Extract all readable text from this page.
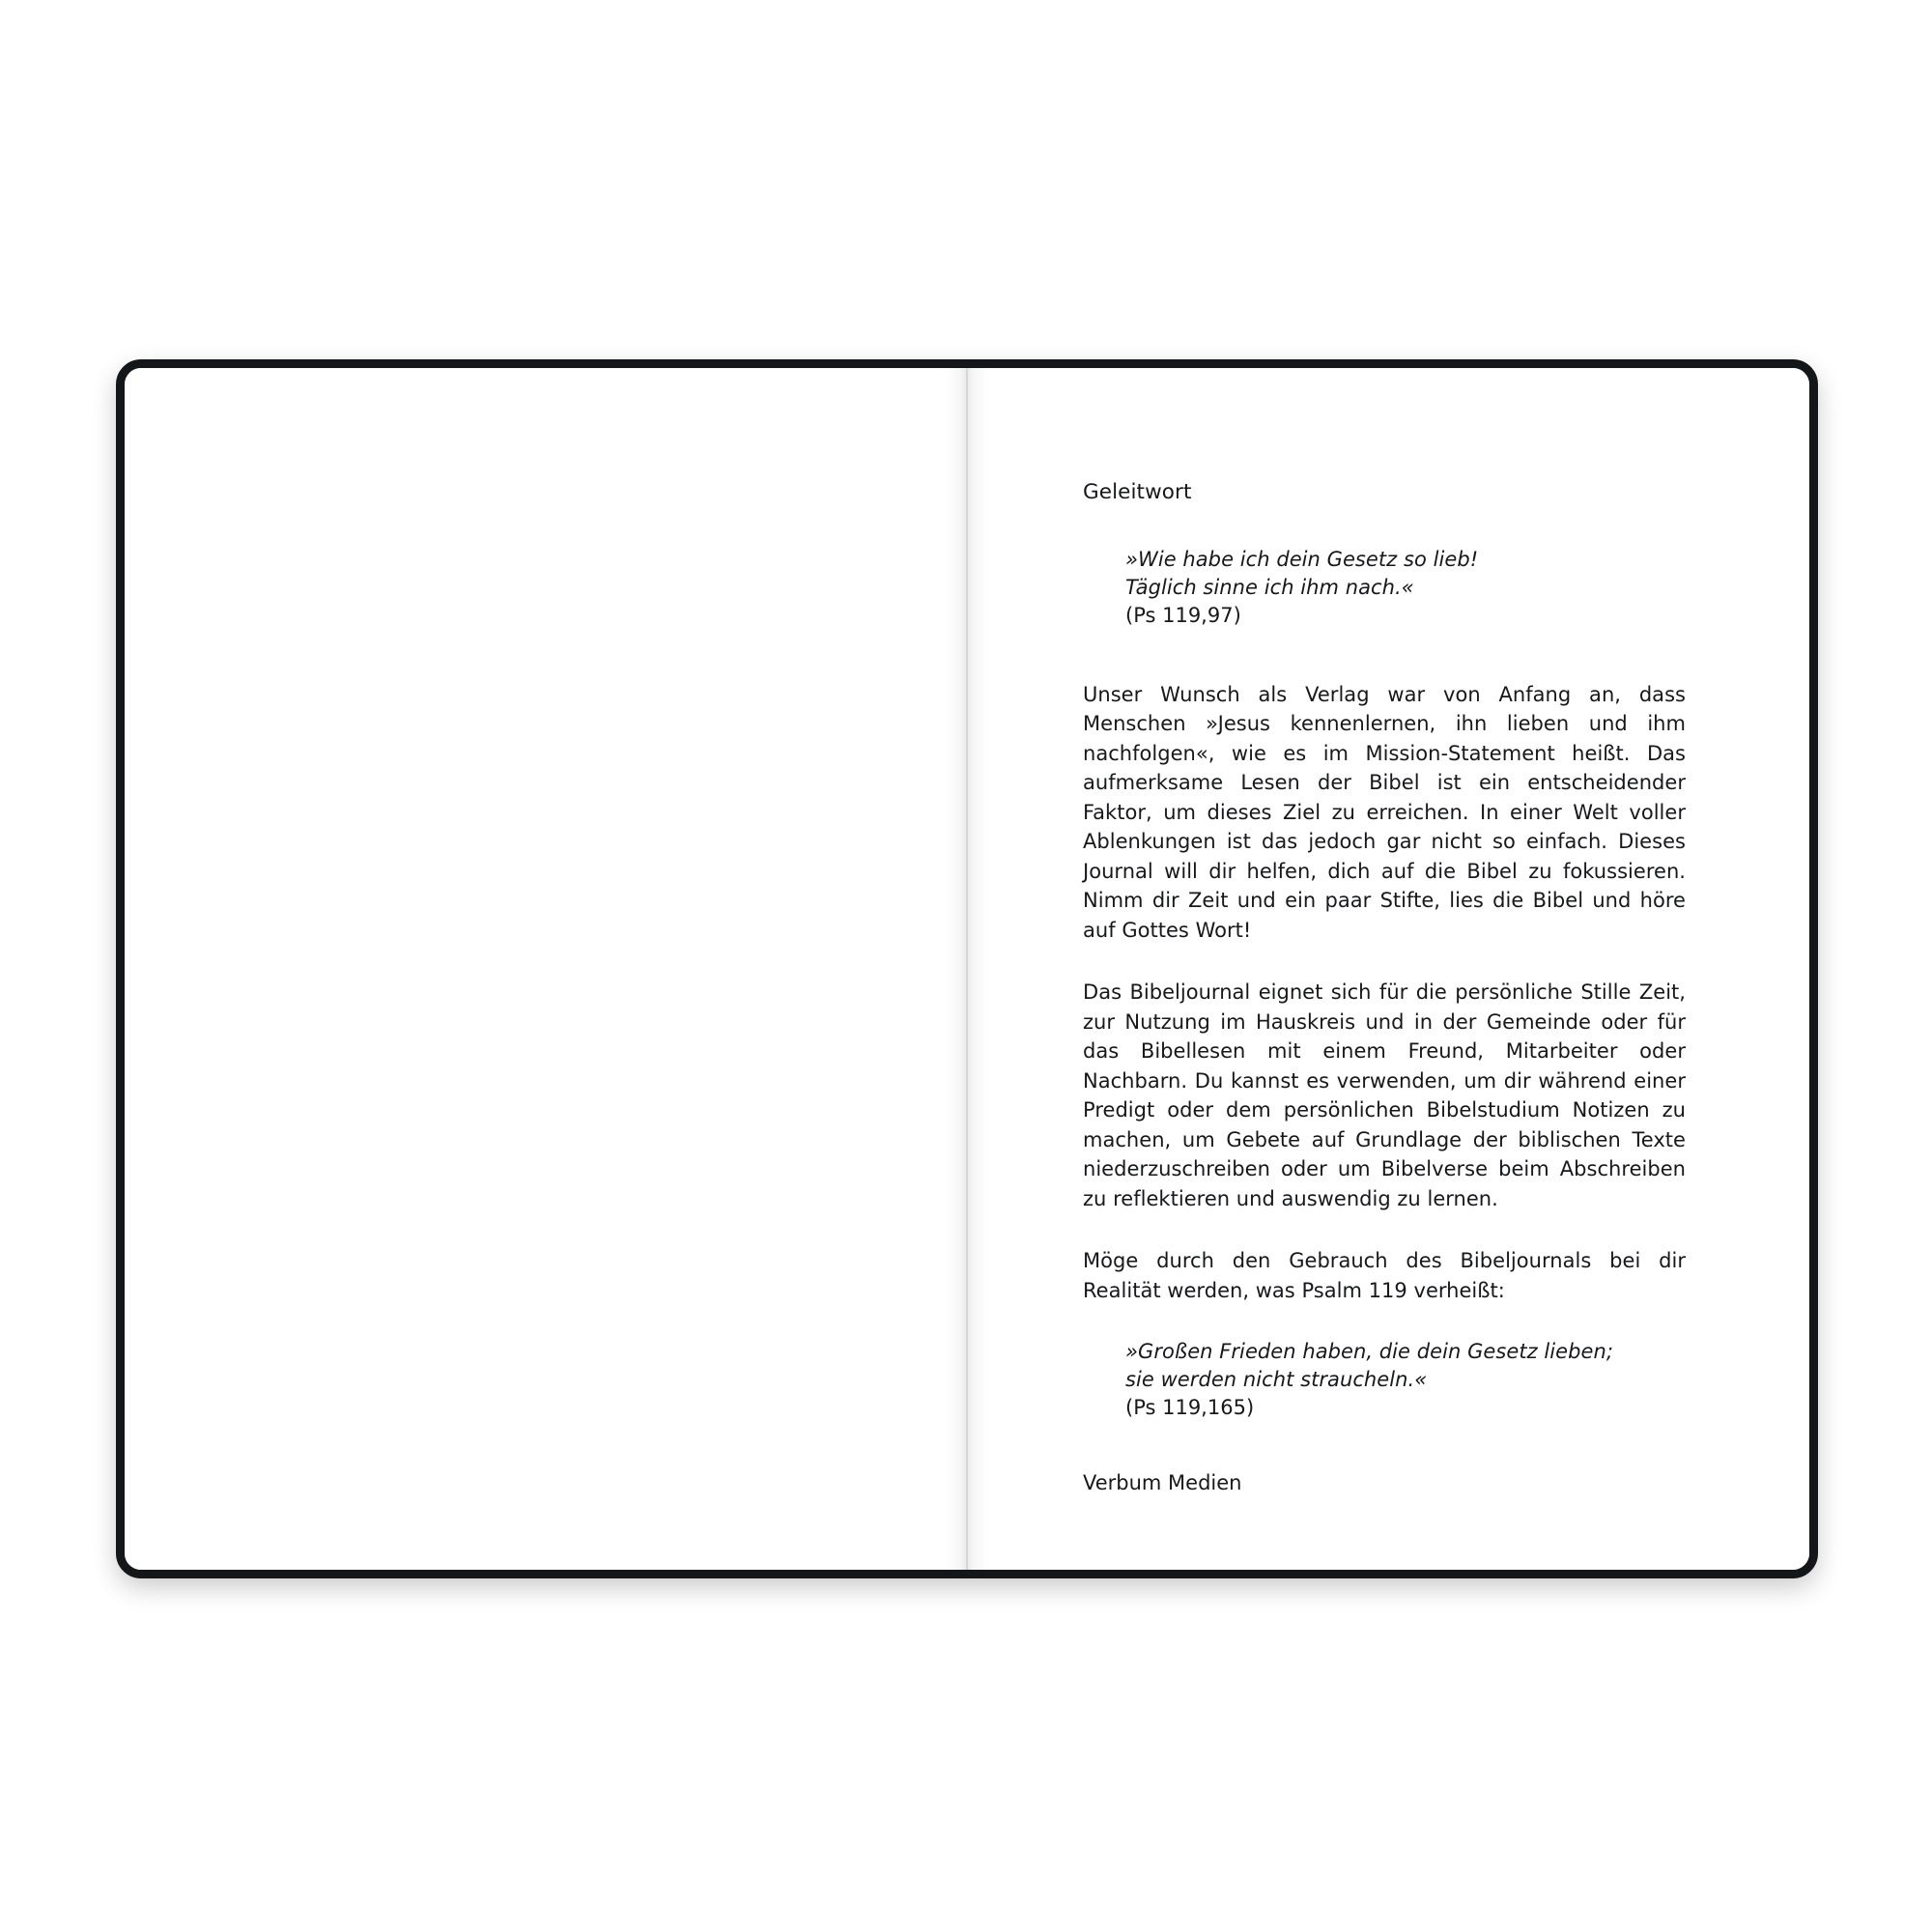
Geleitwort

»Wie habe ich dein Gesetz so lieb!

Täglich sinne ich ihm nach.«

(Ps 119,97)

Unser Wunsch als Verlag war von Anfang an, dass Menschen »Jesus kennenlernen, ihn lieben und ihm nachfolgen«, wie es im Mission-Statement heißt. Das aufmerksame Lesen der Bibel ist ein entscheidender Faktor, um dieses Ziel zu erreichen. In einer Welt voller Ablenkungen ist das jedoch gar nicht so einfach. Dieses Journal will dir helfen, dich auf die Bibel zu fokussieren. Nimm dir Zeit und ein paar Stifte, lies die Bibel und höre auf Gottes Wort!

Das Bibeljournal eignet sich für die persönliche Stille Zeit, zur Nutzung im Hauskreis und in der Gemeinde oder für das Bibellesen mit einem Freund, Mitarbeiter oder Nachbarn. Du kannst es verwenden, um dir während einer Predigt oder dem persönlichen Bibelstudium Notizen zu machen, um Gebete auf Grundlage der biblischen Texte niederzuschreiben oder um Bibelverse beim Abschreiben zu reflektieren und auswendig zu lernen.

Möge durch den Gebrauch des Bibeljournals bei dir Realität werden, was Psalm 119 verheißt:

»Großen Frieden haben, die dein Gesetz lieben;

sie werden nicht straucheln.«

(Ps 119,165)

Verbum Medien
